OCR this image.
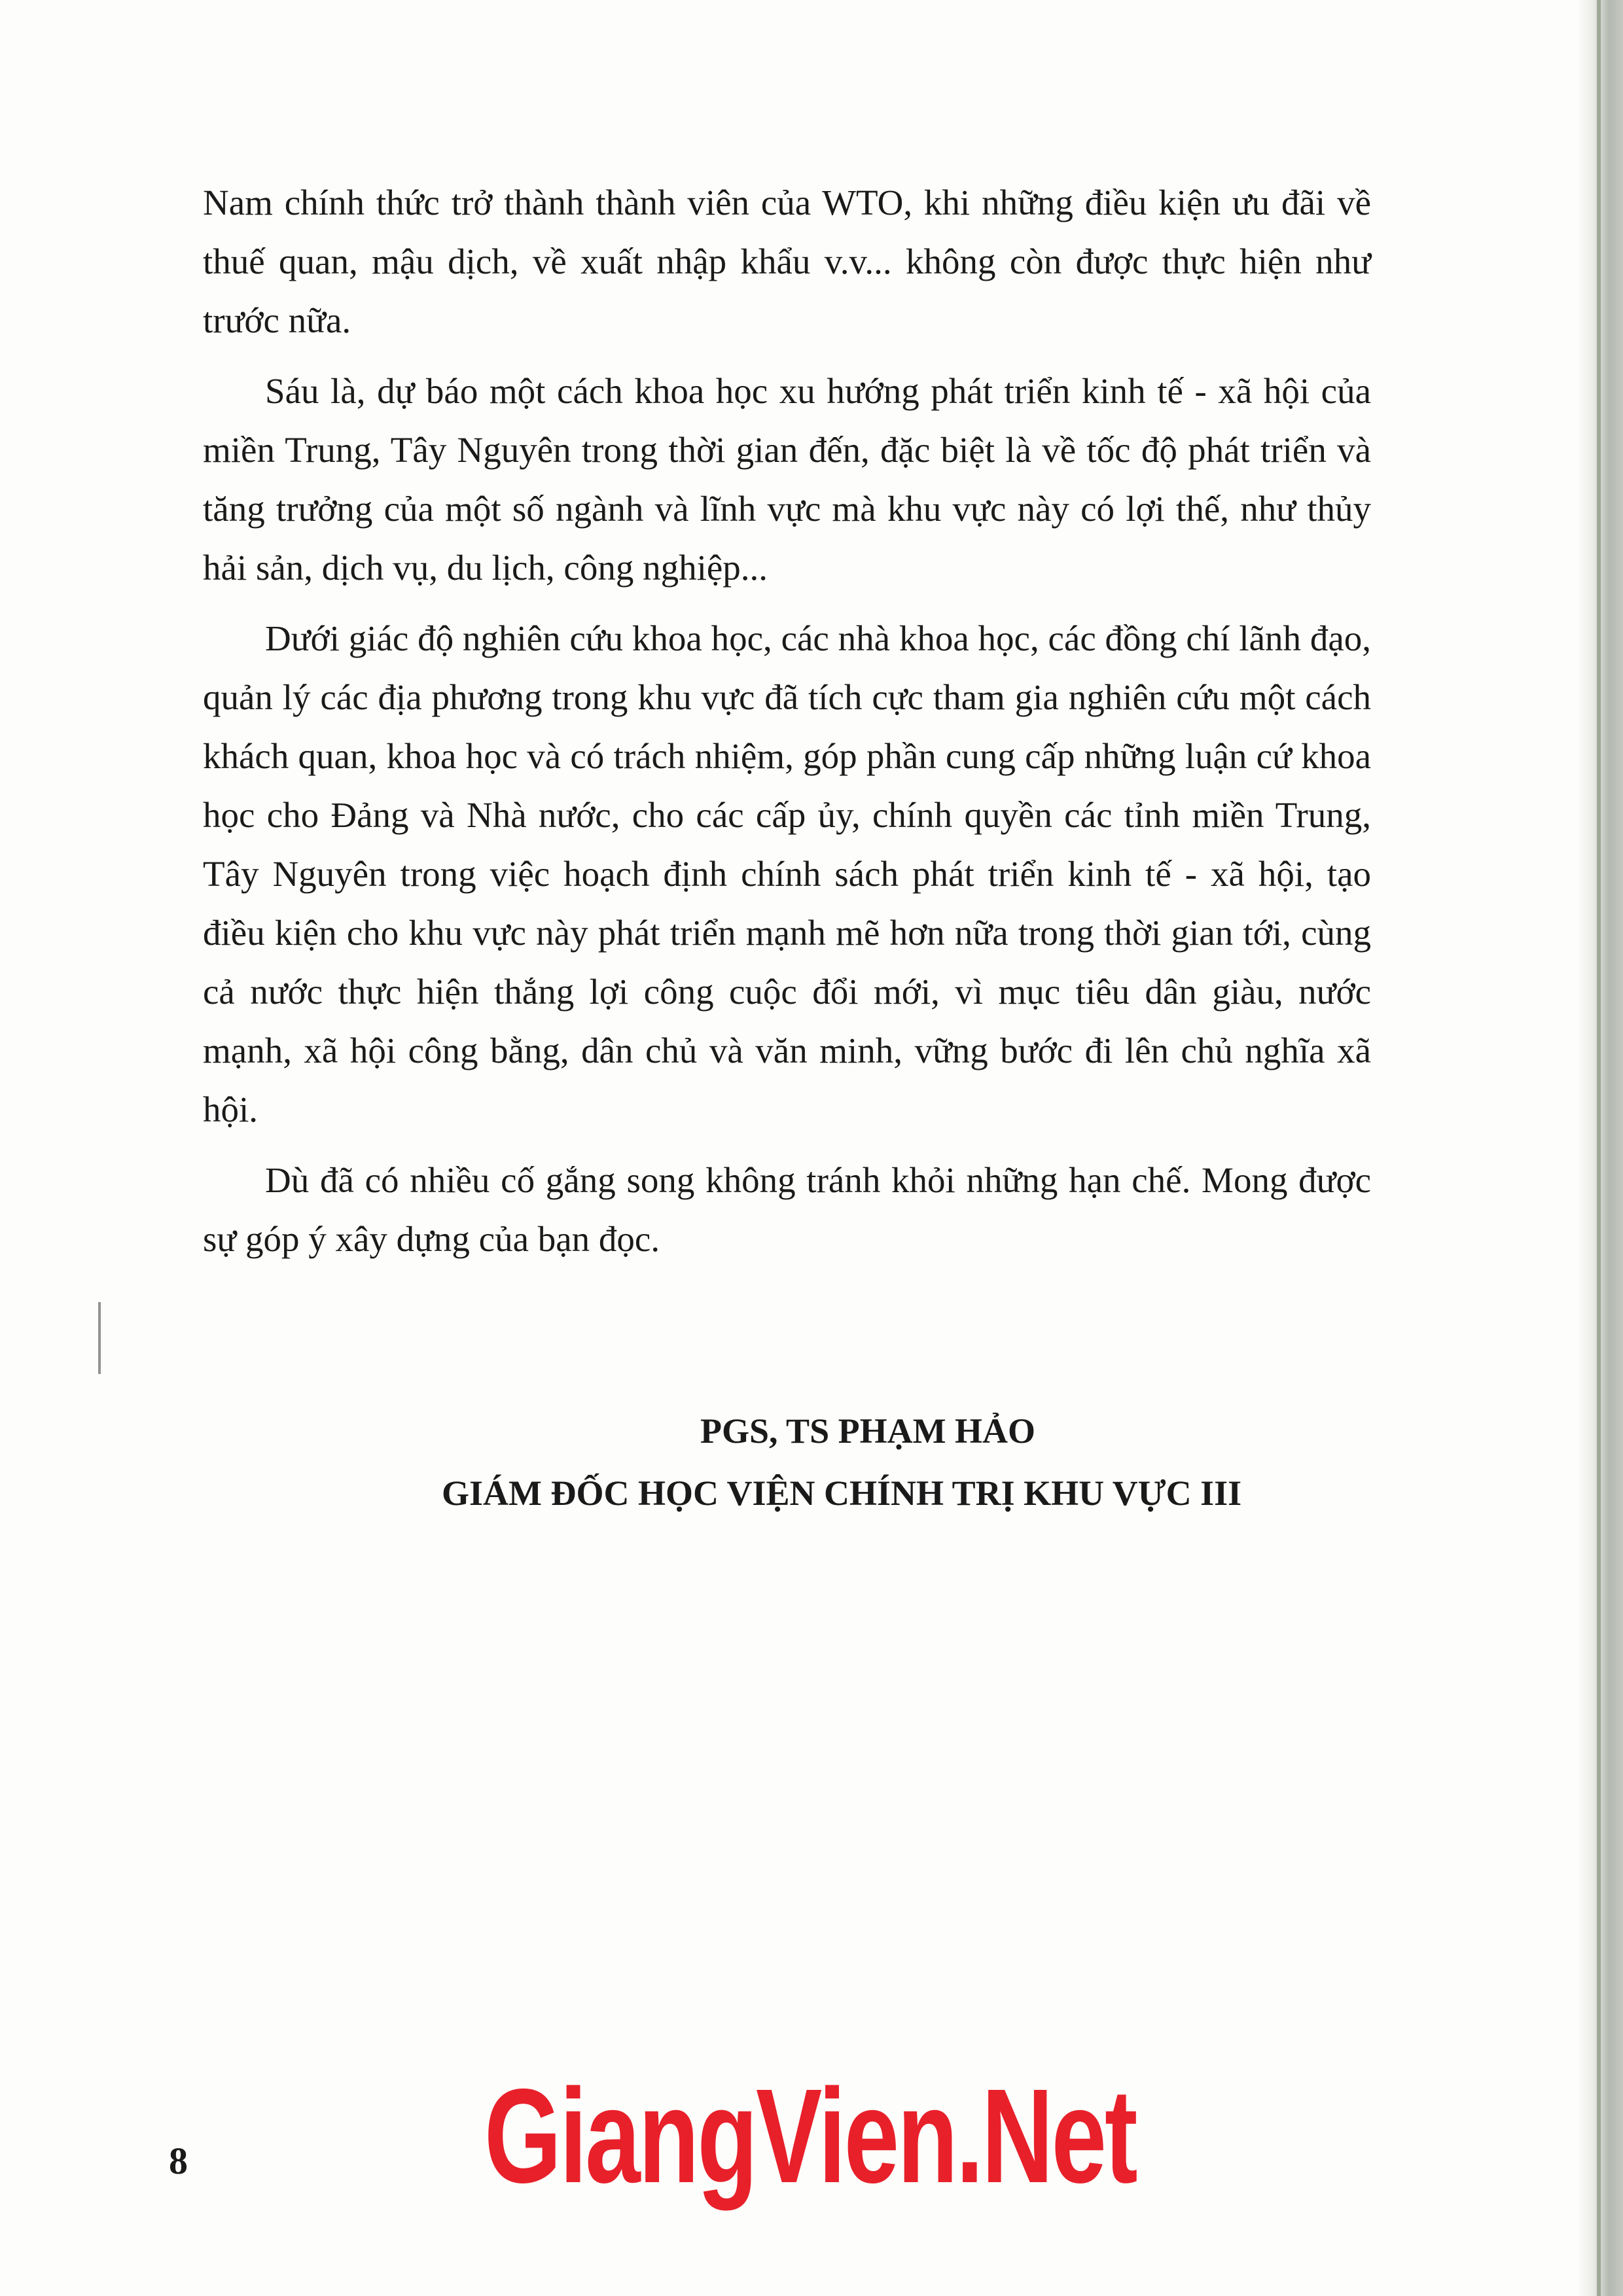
Nam chính thức trở thành thành viên của WTO, khi những điều kiện ưu đãi về thuế quan, mậu dịch, về xuất nhập khẩu v.v... không còn được thực hiện như trước nữa.

Sáu là, dự báo một cách khoa học xu hướng phát triển kinh tế - xã hội của miền Trung, Tây Nguyên trong thời gian đến, đặc biệt là về tốc độ phát triển và tăng trưởng của một số ngành và lĩnh vực mà khu vực này có lợi thế, như thủy hải sản, dịch vụ, du lịch, công nghiệp...

Dưới giác độ nghiên cứu khoa học, các nhà khoa học, các đồng chí lãnh đạo, quản lý các địa phương trong khu vực đã tích cực tham gia nghiên cứu một cách khách quan, khoa học và có trách nhiệm, góp phần cung cấp những luận cứ khoa học cho Đảng và Nhà nước, cho các cấp ủy, chính quyền các tỉnh miền Trung, Tây Nguyên trong việc hoạch định chính sách phát triển kinh tế - xã hội, tạo điều kiện cho khu vực này phát triển mạnh mẽ hơn nữa trong thời gian tới, cùng cả nước thực hiện thắng lợi công cuộc đổi mới, vì mục tiêu dân giàu, nước mạnh, xã hội công bằng, dân chủ và văn minh, vững bước đi lên chủ nghĩa xã hội.

Dù đã có nhiều cố gắng song không tránh khỏi những hạn chế. Mong được sự góp ý xây dựng của bạn đọc.

PGS, TS PHẠM HẢO

GIÁM ĐỐC HỌC VIỆN CHÍNH TRỊ KHU VỰC III

8 GiangVien.Net
